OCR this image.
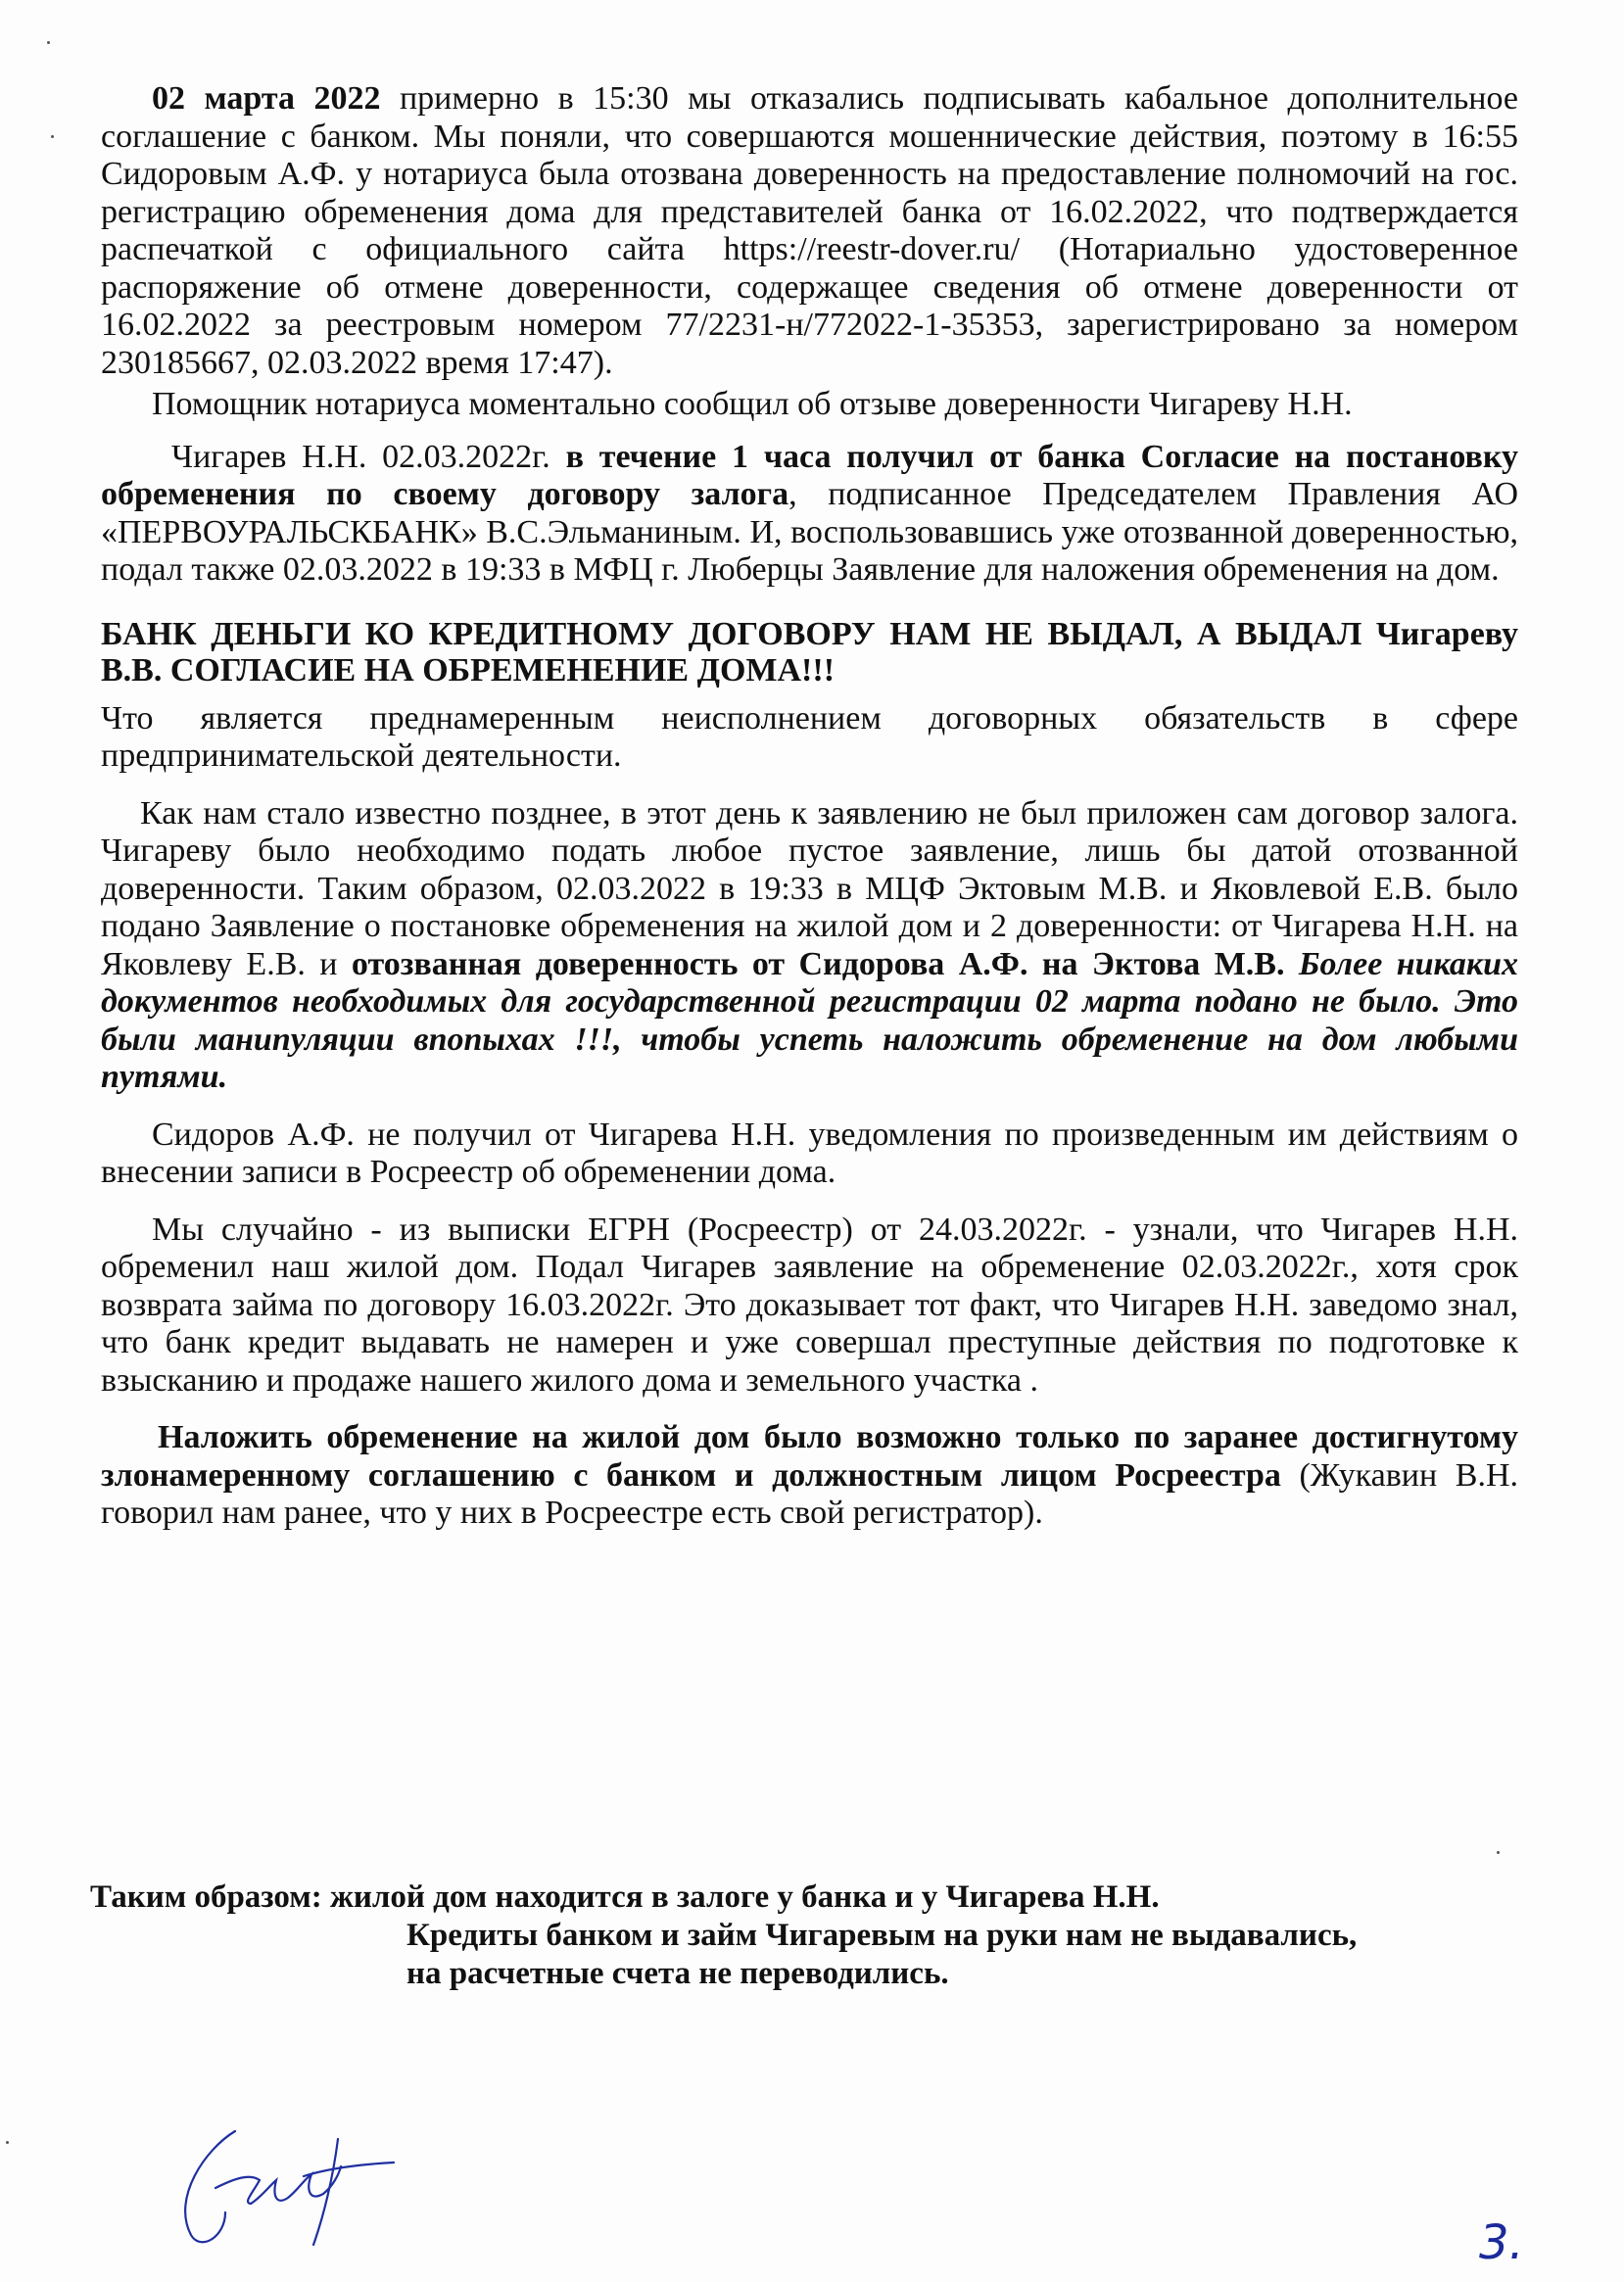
02 марта 2022 примерно в 15:30 мы отказались подписывать кабальное дополнительное соглашение с банком. Мы поняли, что совершаются мошеннические действия, поэтому в 16:55 Сидоровым А.Ф. у нотариуса была отозвана доверенность на предоставление полномочий на гос. регистрацию обременения дома для представителей банка от 16.02.2022, что подтверждается распечаткой с официального сайта https://reestr-dover.ru/ (Нотариально удостоверенное распоряжение об отмене доверенности, содержащее сведения об отмене доверенности от 16.02.2022 за реестровым номером 77/2231-н/772022-1-35353, зарегистрировано за номером 230185667, 02.03.2022 время 17:47).

Помощник нотариуса моментально сообщил об отзыве доверенности Чигареву Н.Н.

Чигарев Н.Н. 02.03.2022г. в течение 1 часа получил от банка Согласие на постановку обременения по своему договору залога, подписанное Председателем Правления АО «ПЕРВОУРАЛЬСКБАНК» В.С.Эльманиным. И, воспользовавшись уже отозванной доверенностью, подал также 02.03.2022 в 19:33 в МФЦ г. Люберцы Заявление для наложения обременения на дом.

БАНК ДЕНЬГИ КО КРЕДИТНОМУ ДОГОВОРУ НАМ НЕ ВЫДАЛ, А ВЫДАЛ Чигареву В.В. СОГЛАСИЕ НА ОБРЕМЕНЕНИЕ ДОМА!!!

Что является преднамеренным неисполнением договорных обязательств в сфере предпринимательской деятельности.

Как нам стало известно позднее, в этот день к заявлению не был приложен сам договор залога. Чигареву было необходимо подать любое пустое заявление, лишь бы датой отозванной доверенности. Таким образом, 02.03.2022 в 19:33 в МЦФ Эктовым М.В. и Яковлевой Е.В. было подано Заявление о постановке обременения на жилой дом и 2 доверенности: от Чигарева Н.Н. на Яковлеву Е.В. и отозванная доверенность от Сидорова А.Ф. на Эктова М.В. Более никаких документов необходимых для государственной регистрации 02 марта подано не было. Это были манипуляции впопыхах !!!, чтобы успеть наложить обременение на дом любыми путями.

Сидоров А.Ф. не получил от Чигарева Н.Н. уведомления по произведенным им действиям о внесении записи в Росреестр об обременении дома.

Мы случайно - из выписки ЕГРН (Росреестр) от 24.03.2022г. - узнали, что Чигарев Н.Н. обременил наш жилой дом. Подал Чигарев заявление на обременение 02.03.2022г., хотя срок возврата займа по договору 16.03.2022г. Это доказывает тот факт, что Чигарев Н.Н. заведомо знал, что банк кредит выдавать не намерен и уже совершал преступные действия по подготовке к взысканию и продаже нашего жилого дома и земельного участка .

Наложить обременение на жилой дом было возможно только по заранее достигнутому злонамеренному соглашению с банком и должностным лицом Росреестра (Жукавин В.Н. говорил нам ранее, что у них в Росреестре есть свой регистратор).

Таким образом: жилой дом находится в залоге у банка и у Чигарева Н.Н.
Кредиты банком и займ Чигаревым на руки нам не выдавались,
на расчетные счета не переводились.
3.
